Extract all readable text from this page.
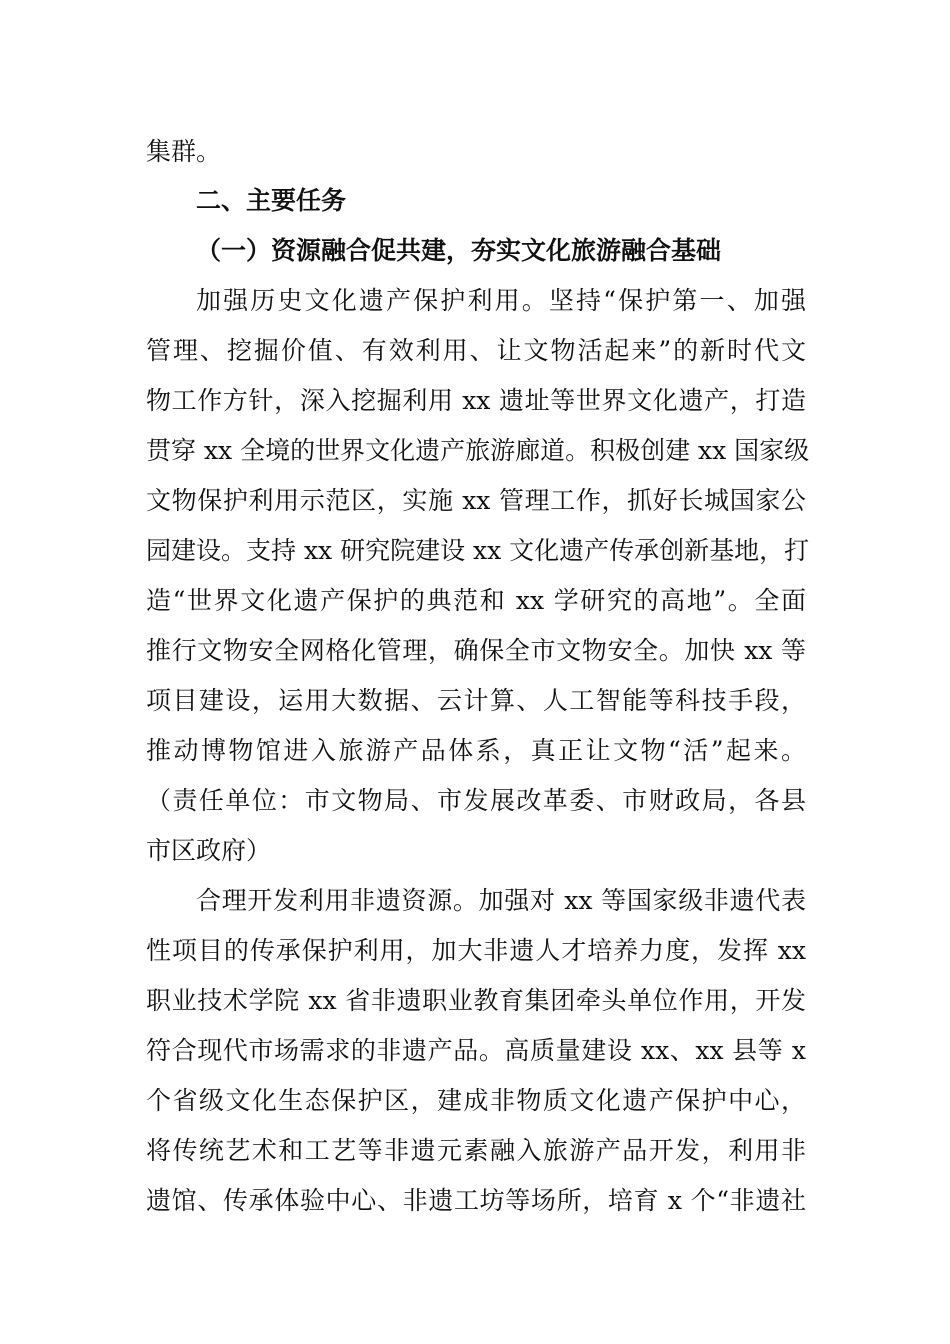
集群。
二、主要任务
（一）资源融合促共建，夯实文化旅游融合基础
加强历史文化遗产保护利用。坚持“保护第一、加强
管理、挖掘价值、有效利用、让文物活起来”的新时代文
物工作方针，深入挖掘利用 xx 遗址等世界文化遗产，打造
贯穿 xx 全境的世界文化遗产旅游廊道。积极创建 xx 国家级
文物保护利用示范区，实施 xx 管理工作，抓好长城国家公
园建设。支持 xx 研究院建设 xx 文化遗产传承创新基地，打
造“世界文化遗产保护的典范和 xx 学研究的高地”。全面
推行文物安全网格化管理，确保全市文物安全。加快 xx 等
项目建设，运用大数据、云计算、人工智能等科技手段，
推动博物馆进入旅游产品体系，真正让文物“活”起来。
（责任单位：市文物局、市发展改革委、市财政局，各县
市区政府）
合理开发利用非遗资源。加强对 xx 等国家级非遗代表
性项目的传承保护利用，加大非遗人才培养力度，发挥 xx
职业技术学院 xx 省非遗职业教育集团牵头单位作用，开发
符合现代市场需求的非遗产品。高质量建设 xx、xx 县等 x
个省级文化生态保护区，建成非物质文化遗产保护中心，
将传统艺术和工艺等非遗元素融入旅游产品开发，利用非
遗馆、传承体验中心、非遗工坊等场所，培育 x 个“非遗社
